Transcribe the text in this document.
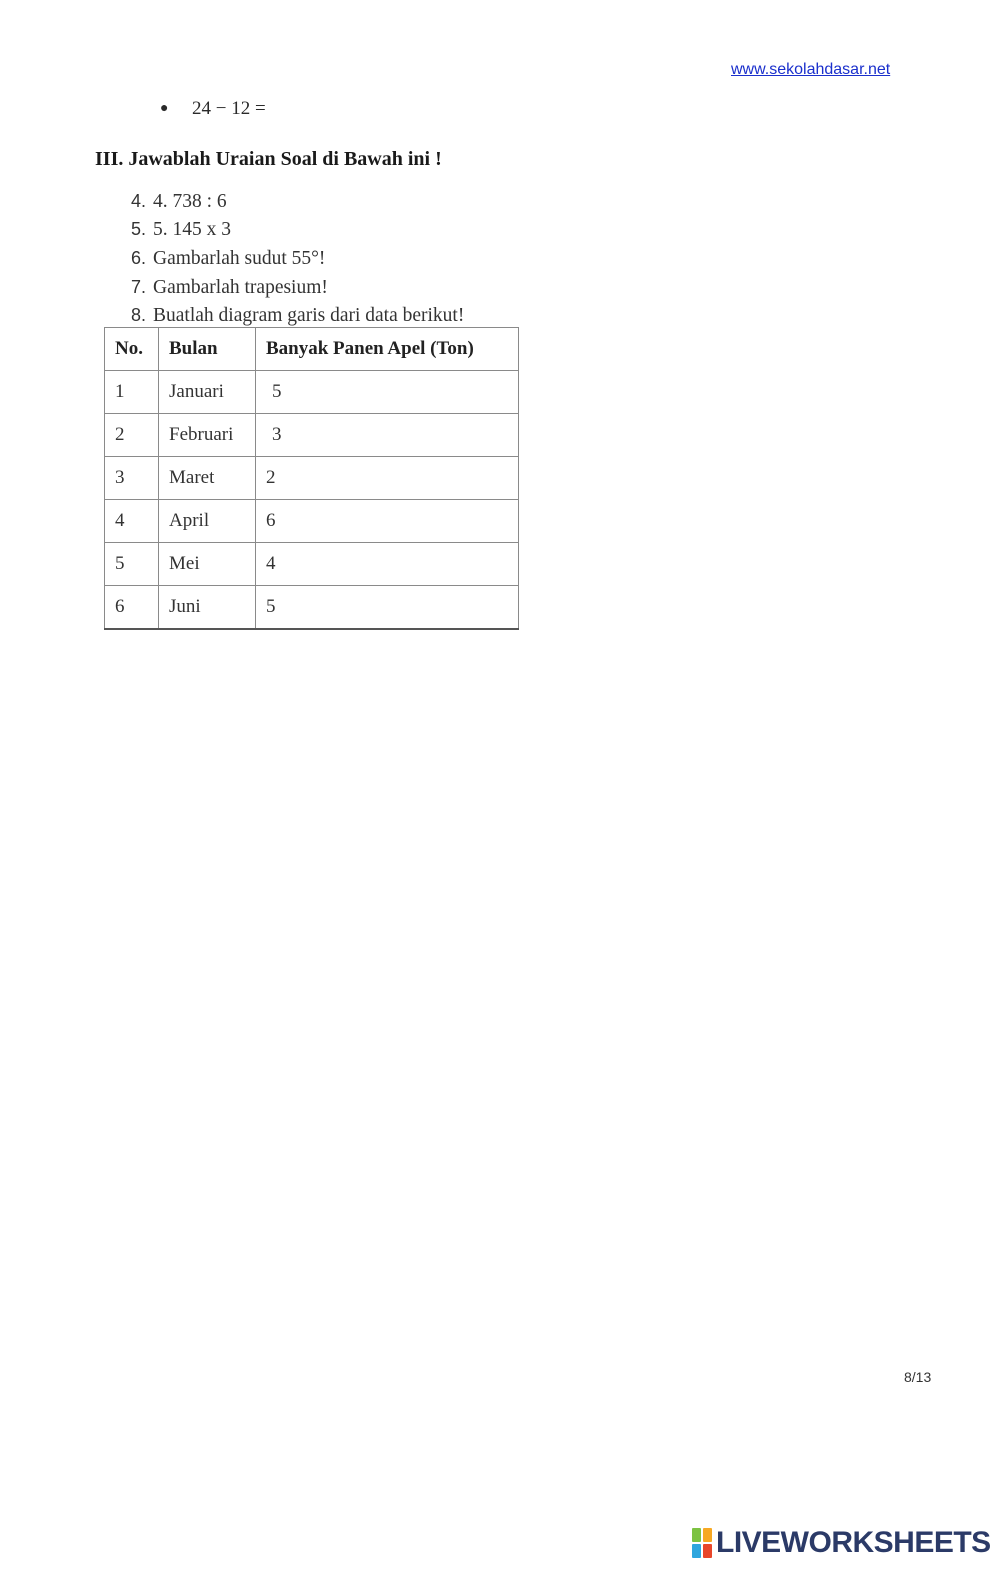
www.sekolahdasar.net
● 24 − 12 =
III. Jawablah Uraian Soal di Bawah ini !
4. 4. 738 : 6
5. 5. 145 x 3
6. Gambarlah sudut 55°!
7. Gambarlah trapesium!
8. Buatlah diagram garis dari data berikut!
No.	Bulan	Banyak Panen Apel (Ton)
1	Januari	5
2	Februari	3
3	Maret	2
4	April	6
5	Mei	4
6	Juni	5
8/13
LIVEWORKSHEETS
